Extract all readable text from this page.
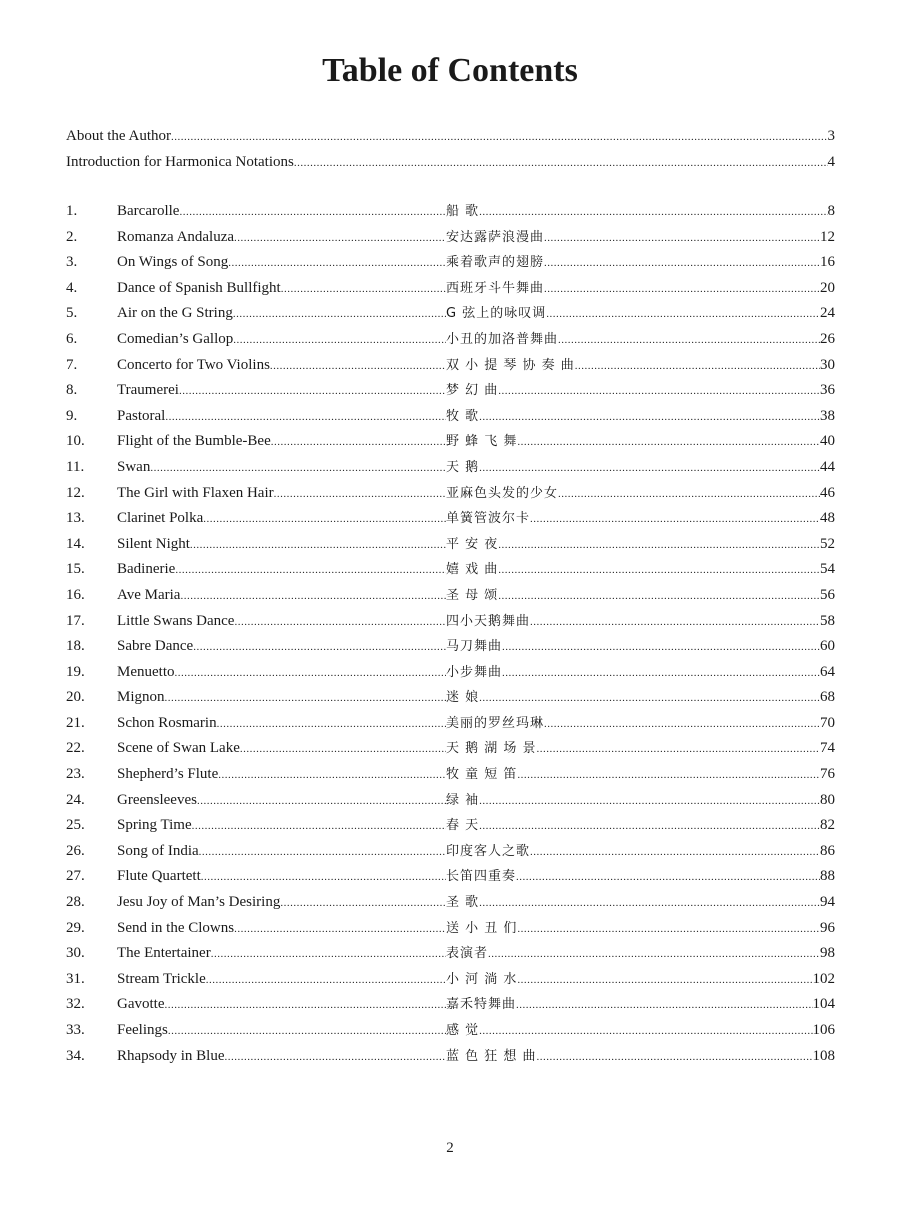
Table of Contents
About the Author .....	3
Introduction for Harmonica Notations .....	4
1.	Barcarolle .....	船 歌 .....	8
2.	Romanza Andaluza .....	安达露萨浪漫曲 .....	12
3.	On Wings of Song .....	乘着歌声的翅膀 .....	16
4.	Dance of Spanish Bullfight .....	西班牙斗牛舞曲 .....	20
5.	Air on the G String .....	G 弦上的咏叹调 .....	24
6.	Comedian’s Gallop .....	小丑的加洛普舞曲 .....	26
7.	Concerto for Two Violins .....	双 小 提 琴 协 奏 曲 .....	30
8.	Traumerei .....	梦 幻 曲 .....	36
9.	Pastoral .....	牧 歌 .....	38
10.	Flight of the Bumble-Bee .....	野 蜂 飞 舞 .....	40
11.	Swan .....	天 鹅 .....	44
12.	The Girl with Flaxen Hair .....	亚麻色头发的少女 .....	46
13.	Clarinet Polka .....	单簧管波尔卡 .....	48
14.	Silent Night .....	平 安 夜 .....	52
15.	Badinerie .....	嬉 戏 曲 .....	54
16.	Ave Maria .....	圣 母 颂 .....	56
17.	Little Swans Dance .....	四小天鹅舞曲 .....	58
18.	Sabre Dance .....	马刀舞曲 .....	60
19.	Menuetto .....	小步舞曲 .....	64
20.	Mignon .....	迷 娘 .....	68
21.	Schon Rosmarin .....	美丽的罗丝玛琳 .....	70
22.	Scene of Swan Lake .....	天 鹅 湖 场 景 .....	74
23.	Shepherd’s Flute .....	牧 童 短 笛 .....	76
24.	Greensleeves .....	绿 袖 .....	80
25.	Spring Time .....	春 天 .....	82
26.	Song of India .....	印度客人之歌 .....	86
27.	Flute Quartett .....	长笛四重奏 .....	88
28.	Jesu Joy of Man’s Desiring .....	圣 歌 .....	94
29.	Send in the Clowns .....	送 小 丑 们 .....	96
30.	The Entertainer .....	表演者 .....	98
31.	Stream Trickle .....	小 河 淌 水 .....	102
32.	Gavotte .....	嘉禾特舞曲 .....	104
33.	Feelings .....	感 觉 .....	106
34.	Rhapsody in Blue .....	蓝 色 狂 想 曲 .....	108
2
